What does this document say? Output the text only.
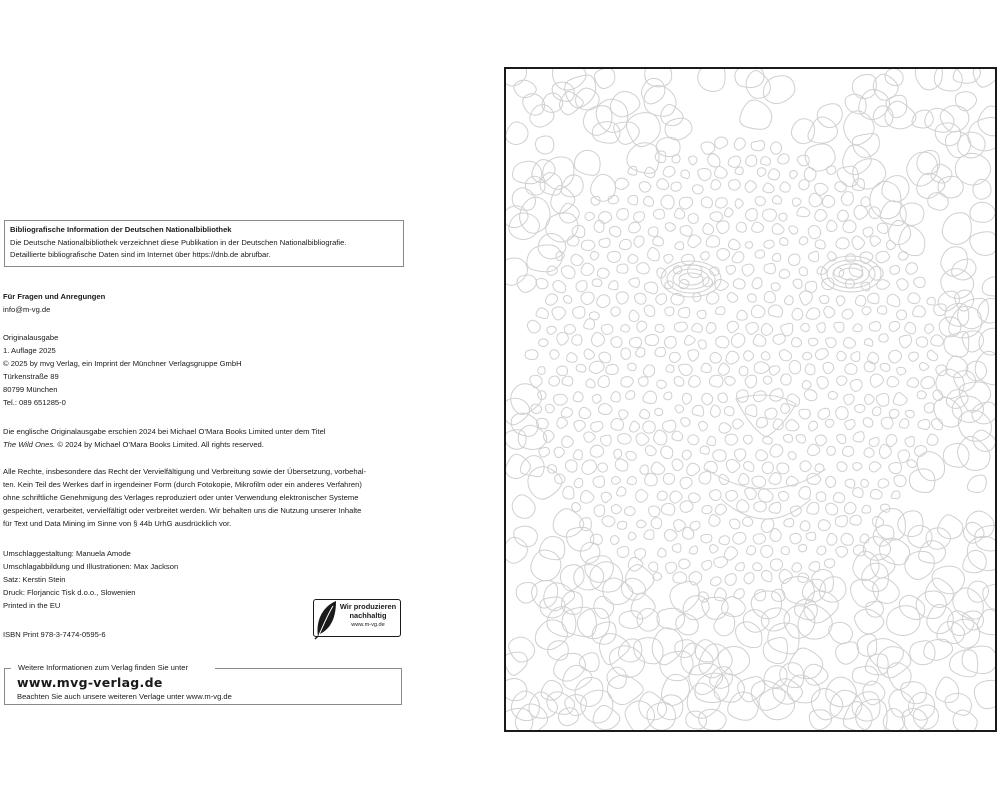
Bibliografische Information der Deutschen Nationalbibliothek
Die Deutsche Nationalbibliothek verzeichnet diese Publikation in der Deutschen Nationalbibliografie.
Detaillierte bibliografische Daten sind im Internet über https://dnb.de abrufbar.
Für Fragen und Anregungen
info@m-vg.de
Originalausgabe
1. Auflage 2025
© 2025 by mvg Verlag, ein Imprint der Münchner Verlagsgruppe GmbH
Türkenstraße 89
80799 München
Tel.: 089 651285-0
Die englische Originalausgabe erschien 2024 bei Michael O’Mara Books Limited unter dem Titel
The Wild Ones. © 2024 by Michael O’Mara Books Limited. All rights reserved.
Alle Rechte, insbesondere das Recht der Vervielfältigung und Verbreitung sowie der Übersetzung, vorbehal-
ten. Kein Teil des Werkes darf in irgendeiner Form (durch Fotokopie, Mikrofilm oder ein anderes Verfahren)
ohne schriftliche Genehmigung des Verlages reproduziert oder unter Verwendung elektronischer Systeme
gespeichert, verarbeitet, vervielfältigt oder verbreitet werden. Wir behalten uns die Nutzung unserer Inhalte
für Text und Data Mining im Sinne von § 44b UrhG ausdrücklich vor.
Umschlaggestaltung: Manuela Amode
Umschlagabbildung und Illustrationen: Max Jackson
Satz: Kerstin Stein
Druck: Florjancic Tisk d.o.o., Slowenien
Printed in the EU
ISBN Print 978-3-7474-0595-6
Wir produzieren
nachhaltig
www.m-vg.de
Weitere Informationen zum Verlag finden Sie unter
www.mvg-verlag.de
Beachten Sie auch unsere weiteren Verlage unter www.m-vg.de
